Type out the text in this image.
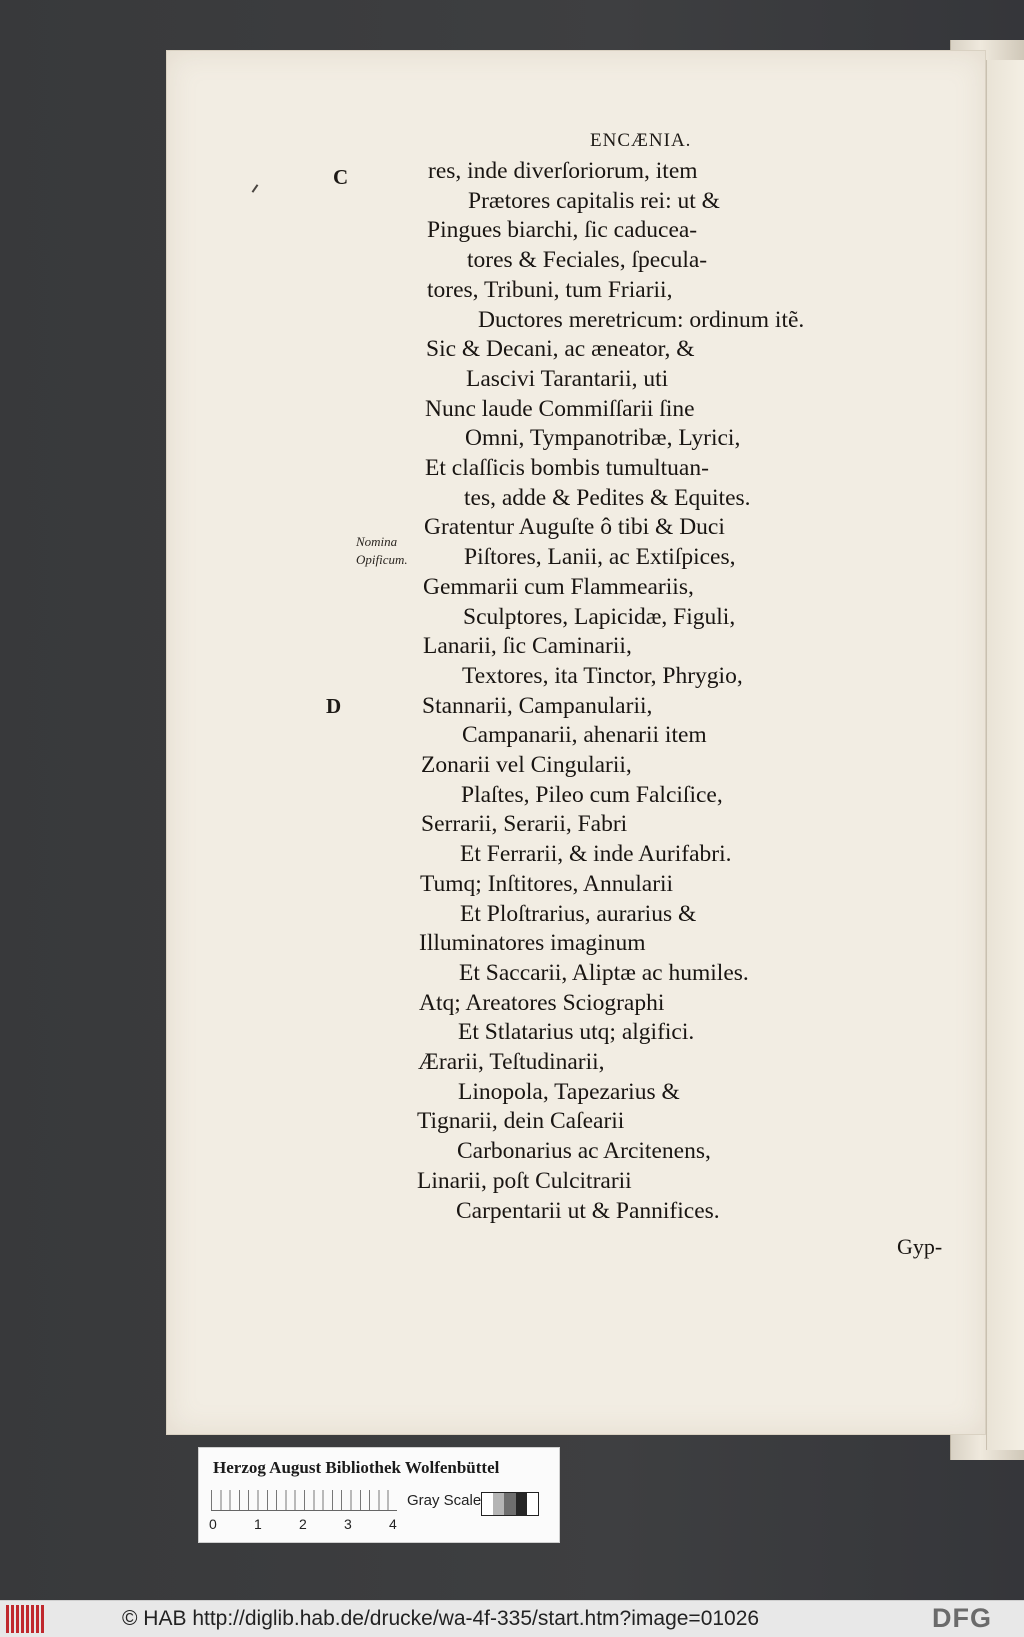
ENCÆNIA.
C
D
Nomina
Opificum.
res, inde diverſoriorum, item
Prætores capitalis rei: ut &
Pingues biarchi, ſic caducea-
tores & Feciales, ſpecula-
tores, Tribuni, tum Friarii,
Ductores meretricum: ordinum itẽ.
Sic & Decani, ac æneator, &
Lascivi Tarantarii, uti
Nunc laude Commiſſarii ſine
Omni, Tympanotribæ, Lyrici,
Et claſſicis bombis tumultuan-
tes, adde & Pedites & Equites.
Gratentur Auguſte ô tibi & Duci
Piſtores, Lanii, ac Extiſpices,
Gemmarii cum Flammeariis,
Sculptores, Lapicidæ, Figuli,
Lanarii, ſic Caminarii,
Textores, ita Tinctor, Phrygio,
Stannarii, Campanularii,
Campanarii, ahenarii item
Zonarii vel Cingularii,
Plaſtes, Pileo cum Falciſice,
Serrarii, Serarii, Fabri
Et Ferrarii, & inde Aurifabri.
Tumq; Inſtitores, Annularii
Et Ploſtrarius, aurarius &
Illuminatores imaginum
Et Saccarii, Aliptæ ac humiles.
Atq; Areatores Sciographi
Et Stlatarius utq; algifici.
Ærarii, Teſtudinarii,
Linopola, Tapezarius &
Tignarii, dein Caſearii
Carbonarius ac Arcitenens,
Linarii, poſt Culcitrarii
Carpentarii ut & Pannifices.
Gyp-
Herzog August Bibliothek Wolfenbüttel
0	1	2	3	4
Gray Scale
© HAB http://diglib.hab.de/drucke/wa-4f-335/start.htm?image=01026	DFG
